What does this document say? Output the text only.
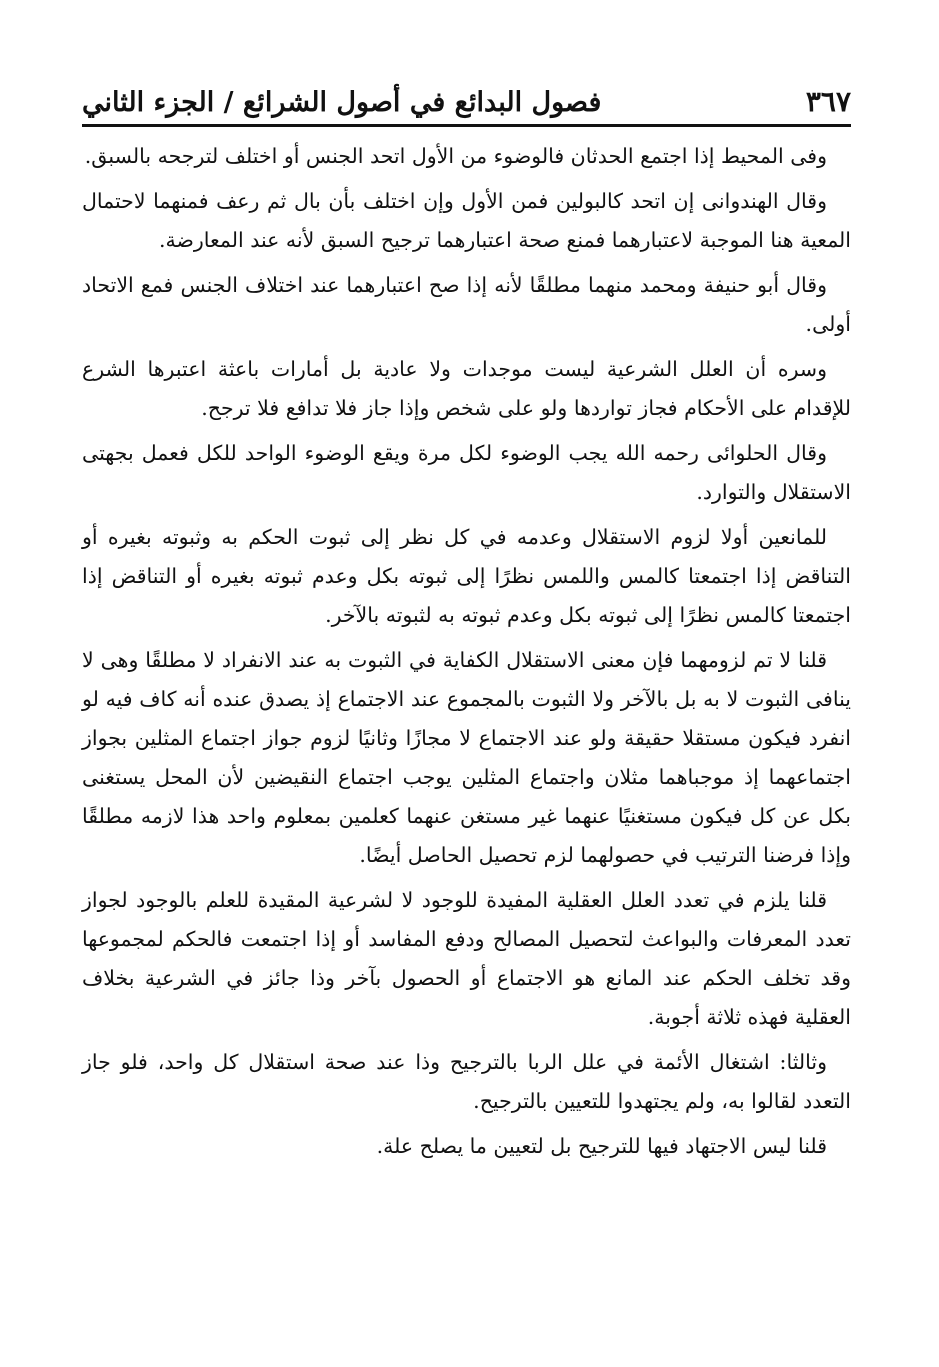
فصول البدائع في أصول الشرائع / الجزء الثاني	٣٦٧

وفى المحيط إذا اجتمع الحدثان فالوضوء من الأول اتحد الجنس أو اختلف لترجحه بالسبق.

وقال الهندوانى إن اتحد كالبولين فمن الأول وإن اختلف بأن بال ثم رعف فمنهما لاحتمال المعية هنا الموجبة لاعتبارهما فمنع صحة اعتبارهما ترجيح السبق لأنه عند المعارضة.

وقال أبو حنيفة ومحمد منهما مطلقًا لأنه إذا صح اعتبارهما عند اختلاف الجنس فمع الاتحاد أولى.

وسره أن العلل الشرعية ليست موجدات ولا عادية بل أمارات باعثة اعتبرها الشرع للإقدام على الأحكام فجاز تواردها ولو على شخص وإذا جاز فلا تدافع فلا ترجح.

وقال الحلوائى رحمه الله يجب الوضوء لكل مرة ويقع الوضوء الواحد للكل فعمل بجهتى الاستقلال والتوارد.

للمانعين أولا لزوم الاستقلال وعدمه في كل نظر إلى ثبوت الحكم به وثبوته بغيره أو التناقض إذا اجتمعتا كالمس واللمس نظرًا إلى ثبوته بكل وعدم ثبوته بغيره أو التناقض إذا اجتمعتا كالمس نظرًا إلى ثبوته بكل وعدم ثبوته به لثبوته بالآخر.

قلنا لا تم لزومهما فإن معنى الاستقلال الكفاية في الثبوت به عند الانفراد لا مطلقًا وهى لا ينافى الثبوت لا به بل بالآخر ولا الثبوت بالمجموع عند الاجتماع إذ يصدق عنده أنه كاف فيه لو انفرد فيكون مستقلا حقيقة ولو عند الاجتماع لا مجازًا وثانيًا لزوم جواز اجتماع المثلين بجواز اجتماعهما إذ موجباهما مثلان واجتماع المثلين يوجب اجتماع النقيضين لأن المحل يستغنى بكل عن كل فيكون مستغنيًا عنهما غير مستغن عنهما كعلمين بمعلوم واحد هذا لازمه مطلقًا وإذا فرضنا الترتيب في حصولهما لزم تحصيل الحاصل أيضًا.

قلنا يلزم في تعدد العلل العقلية المفيدة للوجود لا لشرعية المقيدة للعلم بالوجود لجواز تعدد المعرفات والبواعث لتحصيل المصالح ودفع المفاسد أو إذا اجتمعت فالحكم لمجموعها وقد تخلف الحكم عند المانع هو الاجتماع أو الحصول بآخر وذا جائز في الشرعية بخلاف العقلية فهذه ثلاثة أجوبة.

وثالثا: اشتغال الأئمة في علل الربا بالترجيح وذا عند صحة استقلال كل واحد، فلو جاز التعدد لقالوا به، ولم يجتهدوا للتعيين بالترجيح.

قلنا ليس الاجتهاد فيها للترجيح بل لتعيين ما يصلح علة.
